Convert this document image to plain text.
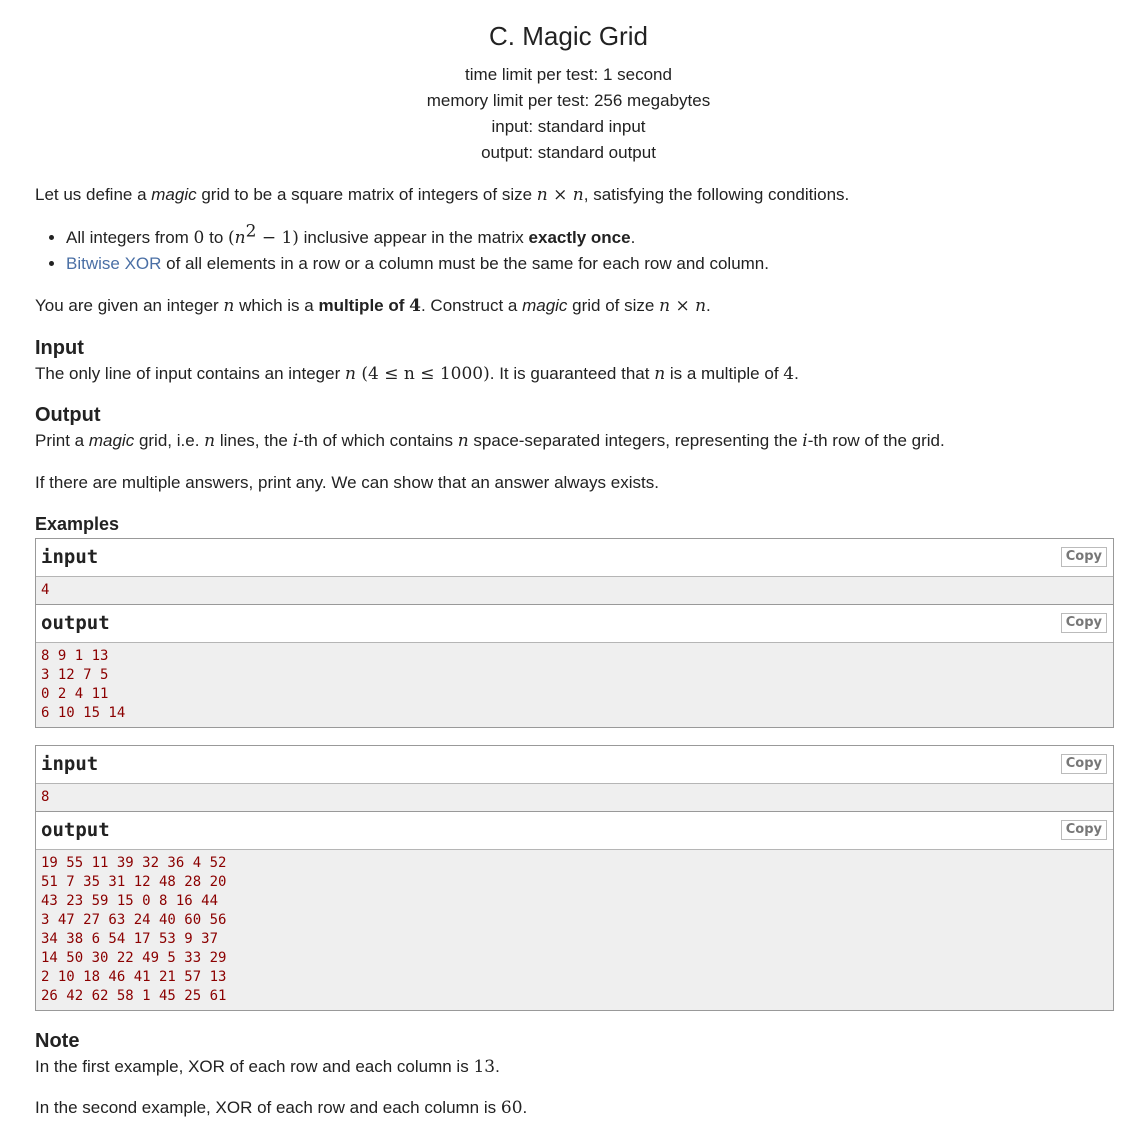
C. Magic Grid
time limit per test: 1 second
memory limit per test: 256 megabytes
input: standard input
output: standard output

Let us define a magic grid to be a square matrix of integers of size n × n, satisfying the following conditions.

• All integers from 0 to $(n^2 - 1)$ inclusive appear in the matrix exactly once.
• Bitwise XOR of all elements in a row or a column must be the same for each row and column.

You are given an integer n which is a multiple of 4. Construct a magic grid of size n × n.

Input

The only line of input contains an integer n (4 ≤ n ≤ 1000). It is guaranteed that n is a multiple of 4.

Output

Print a magic grid, i.e. n lines, the i-th of which contains n space-separated integers, representing the i-th row of the grid.

If there are multiple answers, print any. We can show that an answer always exists.

Examples
input	Copy
4
output	Copy
8 9 1 13
3 12 7 5
0 2 4 11
6 10 15 14
input	Copy
8
output	Copy
19 55 11 39 32 36 4 52
51 7 35 31 12 48 28 20
43 23 59 15 0 8 16 44
3 47 27 63 24 40 60 56
34 38 6 54 17 53 9 37
14 50 30 22 49 5 33 29
2 10 18 46 41 21 57 13
26 42 62 58 1 45 25 61
Note

In the first example, XOR of each row and each column is 13.

In the second example, XOR of each row and each column is 60.
